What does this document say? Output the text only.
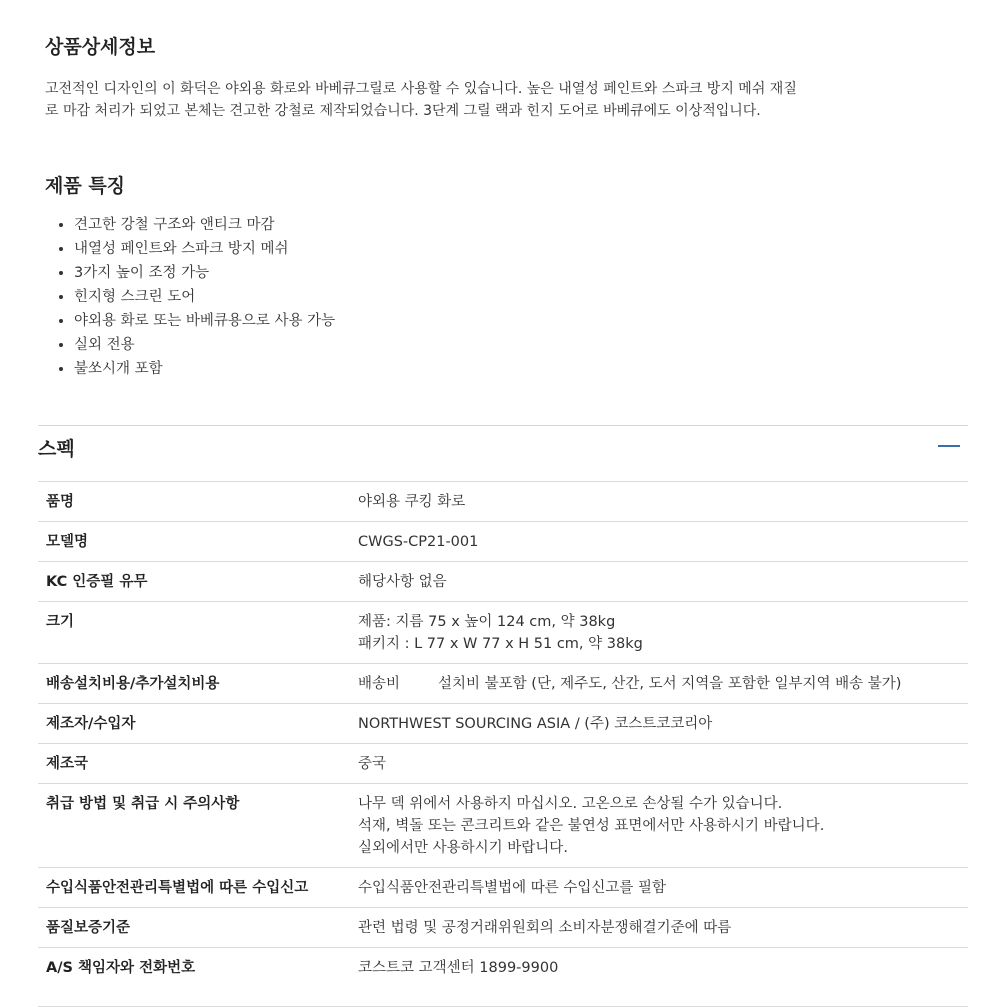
상품상세정보
고전적인 디자인의 이 화덕은 야외용 화로와 바베큐그릴로 사용할 수 있습니다. 높은 내열성 페인트와 스파크 방지 메쉬 재질
로 마감 처리가 되었고 본체는 견고한 강철로 제작되었습니다. 3단계 그릴 랙과 힌지 도어로 바베큐에도 이상적입니다.
제품 특징
• 견고한 강철 구조와 앤티크 마감
• 내열성 페인트와 스파크 방지 메쉬
• 3가지 높이 조정 가능
• 힌지형 스크린 도어
• 야외용 화로 또는 바베큐용으로 사용 가능
• 실외 전용
• 불쏘시개 포함
스펙
품명	야외용 쿠킹 화로

모델명	CWGS-CP21-001

KC 인증필 유무	해당사항 없음

크기	제품: 지름 75 x 높이 124 cm, 약 38kg
패키지 : L 77 x W 77 x H 51 cm, 약 38kg

배송설치비용/추가설치비용	배송비 설치비 불포함 (단, 제주도, 산간, 도서 지역을 포함한 일부지역 배송 불가)

제조자/수입자	NORTHWEST SOURCING ASIA / (주) 코스트코코리아

제조국	중국

취급 방법 및 취급 시 주의사항	나무 덱 위에서 사용하지 마십시오. 고온으로 손상될 수가 있습니다.
석재, 벽돌 또는 콘크리트와 같은 불연성 표면에서만 사용하시기 바랍니다.
실외에서만 사용하시기 바랍니다.

수입식품안전관리특별법에 따른 수입신고	수입식품안전관리특별법에 따른 수입신고를 필함

품질보증기준	관련 법령 및 공정거래위원회의 소비자분쟁해결기준에 따름

A/S 책임자와 전화번호	코스트코 고객센터 1899-9900
